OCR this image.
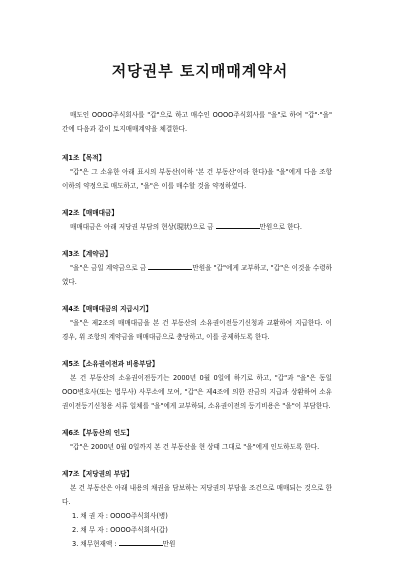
저당권부 토지매매계약서

매도인 OOOO주식회사를 "갑"으로 하고 매수인 OOOO주식회사를 "을"로 하여 "갑"·"을" 간에 다음과 같이 토지매매계약을 체결한다.

제1조【목적】

"갑"은 그 소유한 아래 표시의 부동산(이하 '본 건 부동산'이라 한다)을 "을"에게 다음 조항 이하의 약정으로 매도하고, "을"은 이를 매수할 것을 약정하였다.

제2조【매매대금】

매매대금은 아래 저당권 부담의 현상(現狀)으로 금	만원으로 한다.

제3조【계약금】

"을"은 금일 계약금으로 금	만원을 "갑"에게 교부하고, "갑"은 이것을 수령하였다.

제4조【매매대금의 지급시기】

"을"은 제2조의 매매대금을 본 건 부동산의 소유권이전등기신청과 교환하여 지급한다. 이 경우, 위 조항의 계약금을 매매대금으로 충당하고, 이를 공제하도록 한다.

제5조【소유권이전과 비용부담】

본 건 부동산의 소유권이전등기는 2000년 0월 0일에 하기로 하고, "갑"과 "을"은 동일 OOO변호사(또는 법무사) 사무소에 모여, "갑"은 제4조에 의한 잔금의 지급과 상환하여 소유권이전등기신청용 서류 일체를 "을"에게 교부하되, 소유권이전의 등기비용은 "을"이 부담한다.

제6조【부동산의 인도】

"갑"은 2000년 0월 0일까지 본 건 부동산을 현 상태 그대로 "을"에게 인도하도록 한다.

제7조【저당권의 부담】

본 건 부동산은 아래 내용의 채권을 담보하는 저당권의 부담을 조건으로 매매되는 것으로 한다.

1. 채 권 자 : OOOO주식회사(병)

2. 채 무 자 : OOOO주식회사(갑)

3. 채무현재액 :	만원
